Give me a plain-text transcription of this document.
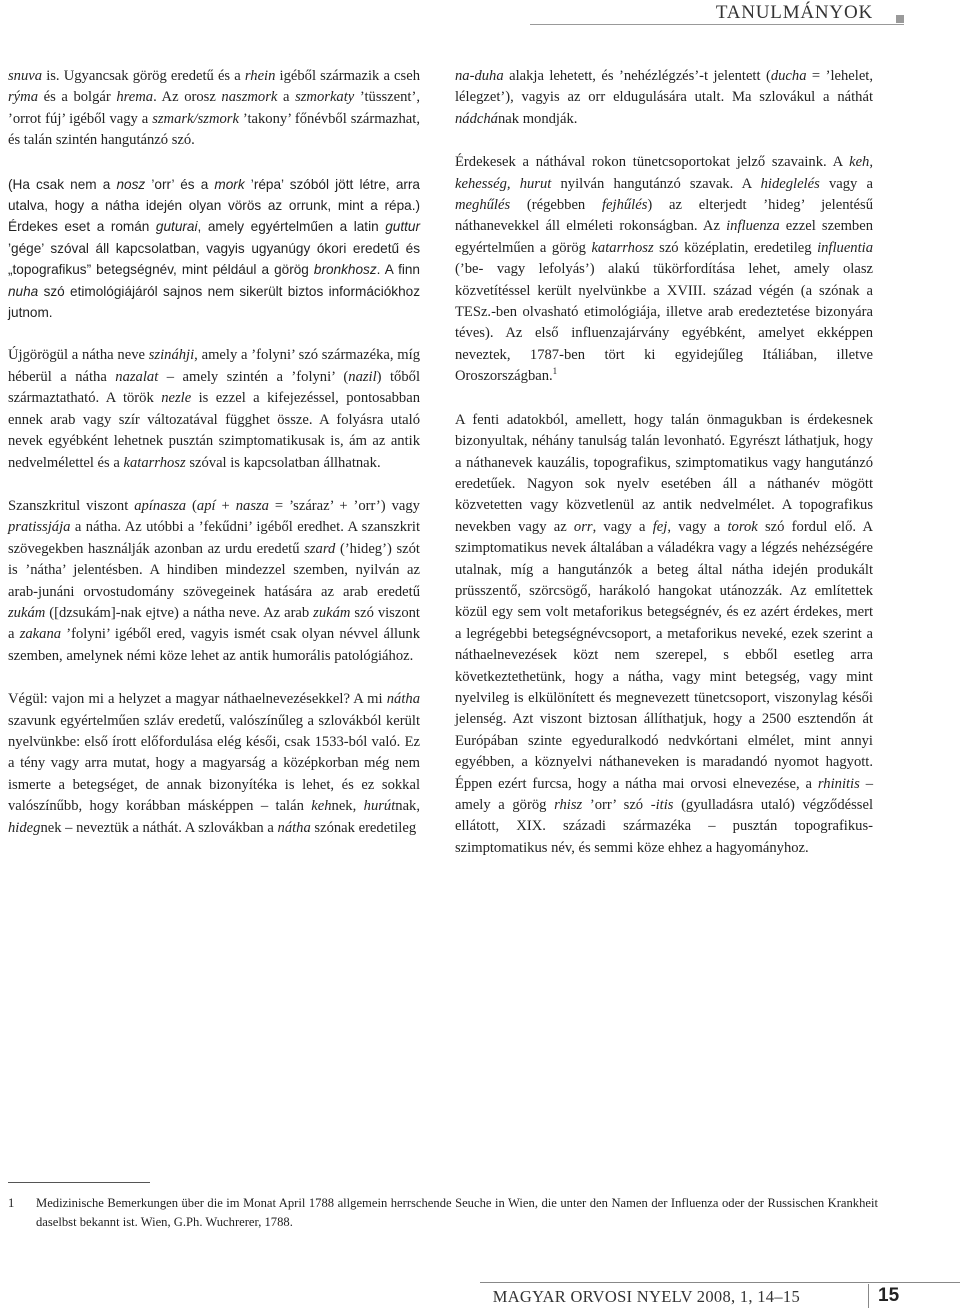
TANULMÁNYOK

snuva is. Ugyancsak görög eredetű és a rhein igéből származik a cseh rýma és a bolgár hrema. Az orosz naszmork a szmorkaty ’tüsszent’, ’orrot fúj’ igéből vagy a szmark/szmork ’takony’ főnévből származhat, és talán szintén hangutánzó szó.

(Ha csak nem a nosz ’orr’ és a mork ’répa’ szóból jött létre, arra utalva, hogy a nátha idején olyan vörös az orrunk, mint a répa.) Érdekes eset a román guturai, amely egyértelműen a latin guttur ’gége’ szóval áll kapcsolatban, vagyis ugyanúgy ókori eredetű és „topografikus” betegségnév, mint például a görög bronkhosz. A finn nuha szó etimológiájáról sajnos nem sikerült biztos információkhoz jutnom.

Újgörögül a nátha neve szináhji, amely a ’folyni’ szó származéka, míg héberül a nátha nazalat – amely szintén a ’folyni’ (nazil) tőből származtatható. A török nezle is ezzel a kifejezéssel, pontosabban ennek arab vagy szír változatával függhet össze. A folyásra utaló nevek egyébként lehetnek pusztán szimptomatikusak is, ám az antik nedvelmélettel és a katarrhosz szóval is kapcsolatban állhatnak.

Szanszkritul viszont apínasza (apí + nasza = ’száraz’ + ’orr’) vagy pratissjája a nátha. Az utóbbi a ’fekűdni’ igéből eredhet. A szanszkrit szövegekben használják azonban az urdu eredetű szard (’hideg’) szót is ’nátha’ jelentésben. A hindiben mindezzel szemben, nyilván az arab-junáni orvostudomány szövegeinek hatására az arab eredetű zukám ([dzsukám]-nak ejtve) a nátha neve. Az arab zukám szó viszont a zakana ’folyni’ igéből ered, vagyis ismét csak olyan névvel állunk szemben, amelynek némi köze lehet az antik humorális patológiához.

Végül: vajon mi a helyzet a magyar náthaelnevezésekkel? A mi nátha szavunk egyértelműen szláv eredetű, valószínűleg a szlovákból került nyelvünkbe: első írott előfordulása elég késői, csak 1533-ból való. Ez a tény vagy arra mutat, hogy a magyarság a középkorban még nem ismerte a betegséget, de annak bizonyítéka is lehet, és ez sokkal valószínűbb, hogy korábban másképpen – talán kehnek, hurútnak, hidegnek – neveztük a náthát. A szlovákban a nátha szónak eredetileg

na-duha alakja lehetett, és ’nehézlégzés’-t jelentett (ducha = ’lehelet, lélegzet’), vagyis az orr eldugulására utalt. Ma szlovákul a náthát nádchának mondják.

Érdekesek a náthával rokon tünetcsoportokat jelző szavaink. A keh, kehesség, hurut nyilván hangutánzó szavak. A hideglelés vagy a meghűlés (régebben fejhűlés) az elterjedt ’hideg’ jelentésű náthanevekkel áll elméleti rokonságban. Az influenza ezzel szemben egyértelműen a görög katarrhosz szó középlatin, eredetileg influentia (’be- vagy lefolyás’) alakú tükörfordítása lehet, amely olasz közvetítéssel került nyelvünkbe a XVIII. század végén (a szónak a TESz.-ben olvasható etimológiája, illetve arab eredeztetése bizonyára téves). Az első influenzajárvány egyébként, amelyet ekképpen neveztek, 1787-ben tört ki egyidejűleg Itáliában, illetve Oroszországban.$^1$

A fenti adatokból, amellett, hogy talán önmagukban is érdekesnek bizonyultak, néhány tanulság talán levonható. Egyrészt láthatjuk, hogy a náthanevek kauzális, topografikus, szimptomatikus vagy hangutánzó eredetűek. Nagyon sok nyelv esetében áll a náthanév mögött közvetetten vagy közvetlenül az antik nedvelmélet. A topografikus nevekben vagy az orr, vagy a fej, vagy a torok szó fordul elő. A szimptomatikus nevek általában a váladékra vagy a légzés nehézségére utalnak, míg a hangutánzók a beteg által nátha idején produkált prüsszentő, szörcsögő, harákoló hangokat utánozzák. Az említettek közül egy sem volt metaforikus betegségnév, és ez azért érdekes, mert a legrégebbi betegségnévcsoport, a metaforikus neveké, ezek szerint a náthaelnevezések közt nem szerepel, s ebből esetleg arra következtethetünk, hogy a nátha, vagy mint betegség, vagy mint nyelvileg is elkülönített és megnevezett tünetcsoport, viszonylag késői jelenség. Azt viszont biztosan állíthatjuk, hogy a 2500 esztendőn át Európában szinte egyeduralkodó nedvkórtani elmélet, mint annyi egyébben, a köznyelvi náthaneveken is maradandó nyomot hagyott. Éppen ezért furcsa, hogy a nátha mai orvosi elnevezése, a rhinitis – amely a görög rhisz ’orr’ szó -itis (gyulladásra utaló) végződéssel ellátott, XIX. századi származéka – pusztán topografikus-szimptomatikus név, és semmi köze ehhez a hagyományhoz.

1	Medizinische Bemerkungen über die im Monat April 1788 allgemein herrschende Seuche in Wien, die unter den Namen der Influenza oder der Russischen Krankheit daselbst bekannt ist. Wien, G.Ph. Wuchrerer, 1788.
MAGYAR ORVOSI NYELV 2008, 1, 14–15	15
